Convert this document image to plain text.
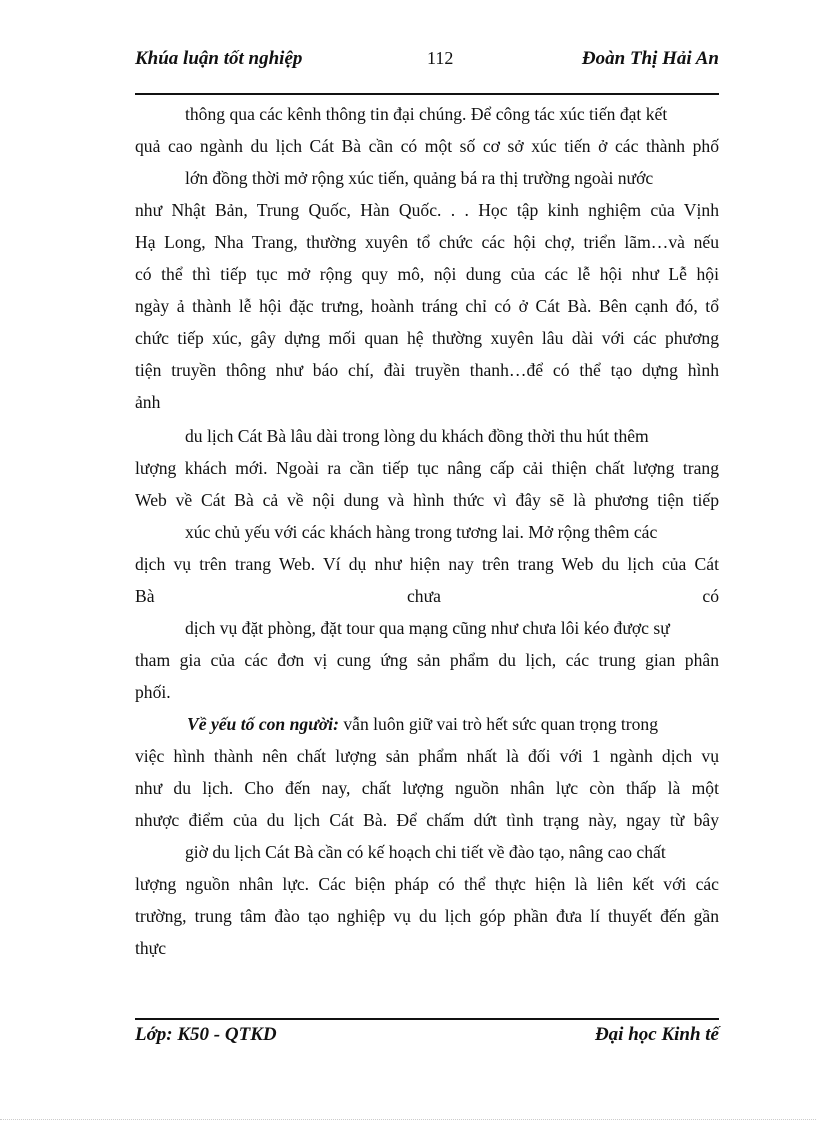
Khúa luận tốt nghiệp	112	Đoàn Thị Hải An
thông qua các kênh thông tin đại chúng. Để công tác xúc tiến đạt kết
quả cao ngành du lịch Cát Bà cần có một số cơ sở xúc tiến ở các thành phố
lớn đồng thời mở rộng xúc tiến, quảng bá ra thị trường ngoài nước
như Nhật Bản, Trung Quốc, Hàn Quốc. . . Học tập kinh nghiệm của Vịnh
Hạ Long, Nha Trang, thường xuyên tổ chức các hội chợ, triển lãm…và nếu
có thể thì tiếp tục mở rộng quy mô, nội dung của các lễ hội như Lễ hội
ngày ả thành lễ hội đặc trưng, hoành tráng chỉ có ở Cát Bà. Bên cạnh đó, tổ
chức tiếp xúc, gây dựng mối quan hệ thường xuyên lâu dài với các phương
tiện truyền thông như báo chí, đài truyền thanh…để có thể tạo dựng hình
ảnh
du lịch Cát Bà lâu dài trong lòng du khách đồng thời thu hút thêm
lượng khách mới. Ngoài ra cần tiếp tục nâng cấp cải thiện chất lượng trang
Web về Cát Bà cả về nội dung và hình thức vì đây sẽ là phương tiện tiếp
xúc chủ yếu với các khách hàng trong tương lai. Mở rộng thêm các
dịch vụ trên trang Web. Ví dụ như hiện nay trên trang Web du lịch của Cát
Bà	chưa	có
dịch vụ đặt phòng, đặt tour qua mạng cũng như chưa lôi kéo được sự
tham gia của các đơn vị cung ứng sản phẩm du lịch, các trung gian phân
phối.
Về yếu tố con người: vẫn luôn giữ vai trò hết sức quan trọng trong
việc hình thành nên chất lượng sản phẩm nhất là đối với 1 ngành dịch vụ
như du lịch. Cho đến nay, chất lượng nguồn nhân lực còn thấp là một
nhược điểm của du lịch Cát Bà. Để chấm dứt tình trạng này, ngay từ bây
giờ du lịch Cát Bà cần có kế hoạch chi tiết về đào tạo, nâng cao chất
lượng nguồn nhân lực. Các biện pháp có thể thực hiện là liên kết với các
trường, trung tâm đào tạo nghiệp vụ du lịch góp phần đưa lí thuyết đến gần
thực
Lớp: K50 - QTKD	Đại học Kinh tế
